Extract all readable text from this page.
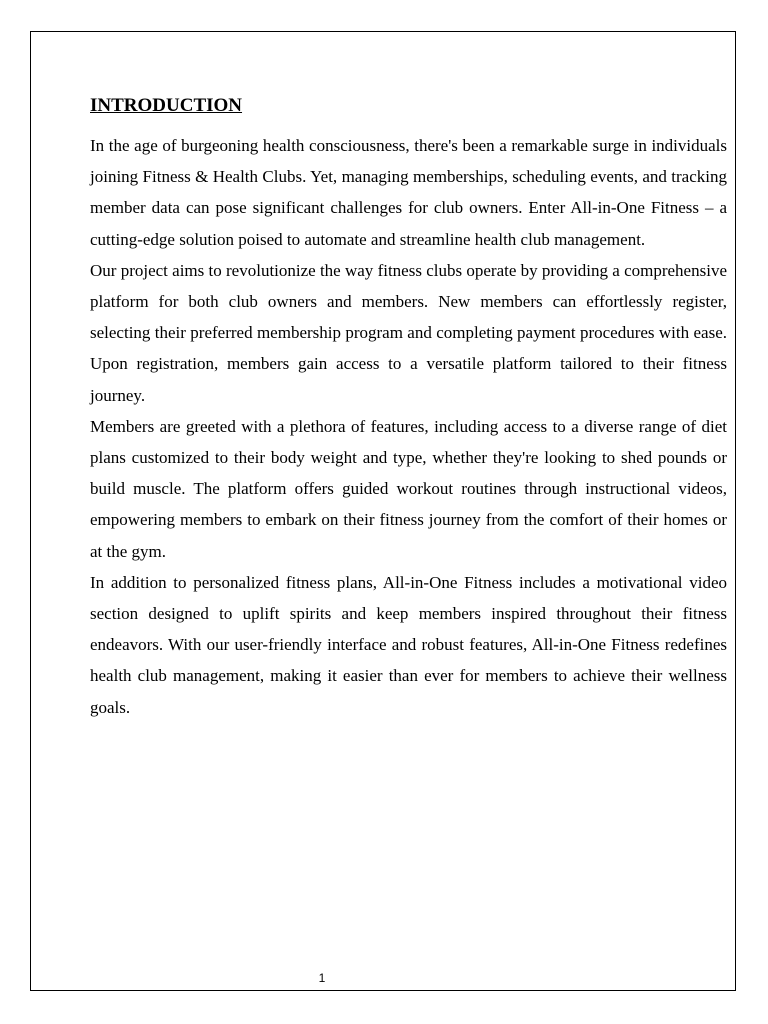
INTRODUCTION

In the age of burgeoning health consciousness, there's been a remarkable surge in individuals joining Fitness & Health Clubs. Yet, managing memberships, scheduling events, and tracking member data can pose significant challenges for club owners. Enter All-in-One Fitness – a cutting-edge solution poised to automate and streamline health club management.

Our project aims to revolutionize the way fitness clubs operate by providing a comprehensive platform for both club owners and members. New members can effortlessly register, selecting their preferred membership program and completing payment procedures with ease. Upon registration, members gain access to a versatile platform tailored to their fitness journey.

Members are greeted with a plethora of features, including access to a diverse range of diet plans customized to their body weight and type, whether they're looking to shed pounds or build muscle. The platform offers guided workout routines through instructional videos, empowering members to embark on their fitness journey from the comfort of their homes or at the gym.

In addition to personalized fitness plans, All-in-One Fitness includes a motivational video section designed to uplift spirits and keep members inspired throughout their fitness endeavors. With our user-friendly interface and robust features, All-in-One Fitness redefines health club management, making it easier than ever for members to achieve their wellness goals.

1
